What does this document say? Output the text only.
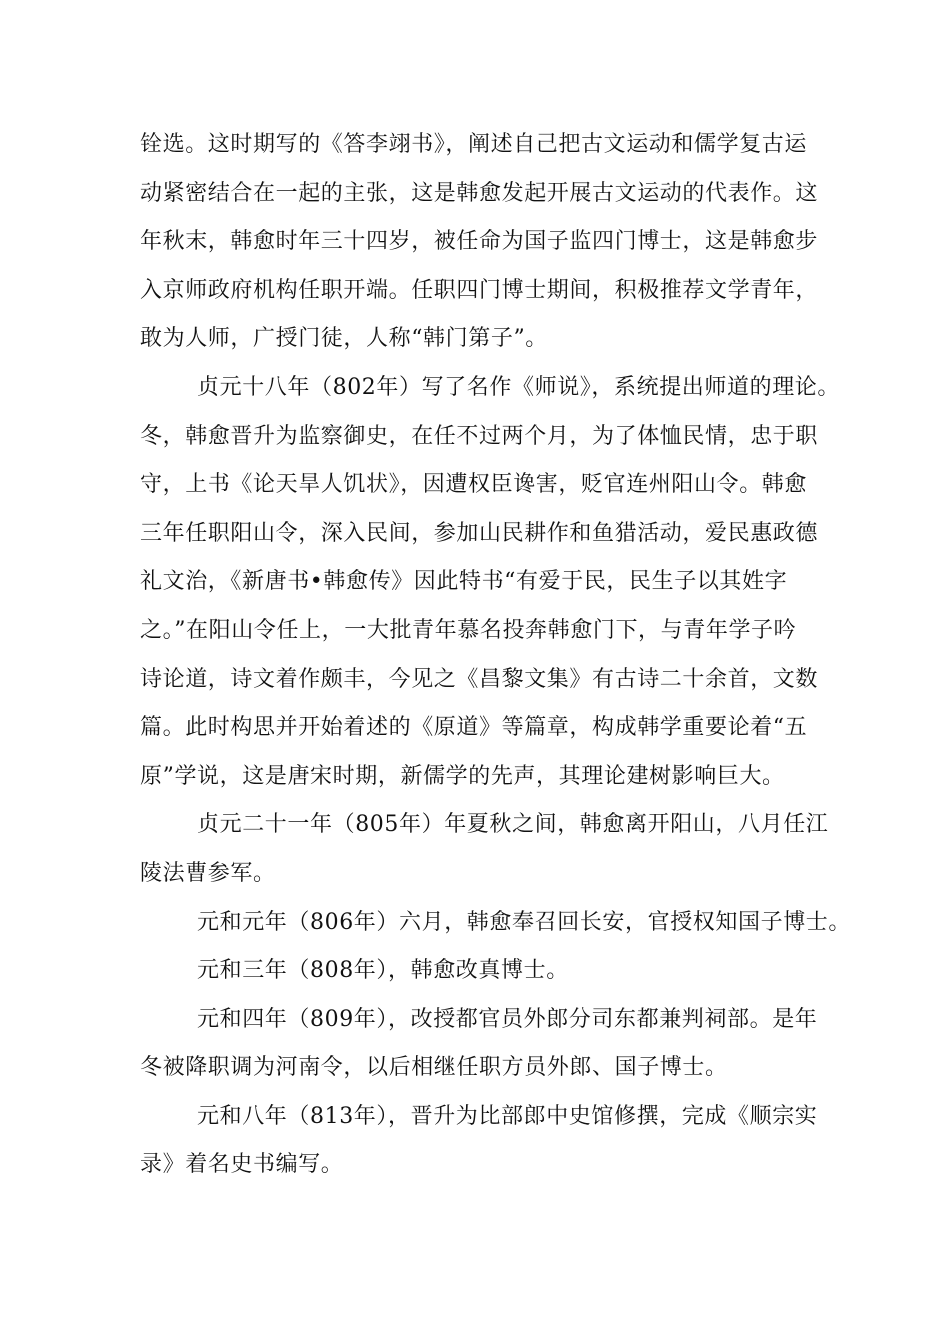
铨选。这时期写的《答李翊书》，阐述自己把古文运动和儒学复古运
动紧密结合在一起的主张，这是韩愈发起开展古文运动的代表作。这
年秋末，韩愈时年三十四岁，被任命为国子监四门博士，这是韩愈步
入京师政府机构任职开端。任职四门博士期间，积极推荐文学青年，
敢为人师，广授门徒，人称“韩门第子”。
贞元十八年（802年）写了名作《师说》，系统提出师道的理论。
冬，韩愈晋升为监察御史，在任不过两个月，为了体恤民情，忠于职
守，上书《论天旱人饥状》，因遭权臣谗害，贬官连州阳山令。韩愈
三年任职阳山令，深入民间，参加山民耕作和鱼猎活动，爱民惠政德
礼文治，《新唐书•韩愈传》因此特书“有爱于民，民生子以其姓字
之。”在阳山令任上，一大批青年慕名投奔韩愈门下，与青年学子吟
诗论道，诗文着作颇丰，今见之《昌黎文集》有古诗二十余首，文数
篇。此时构思并开始着述的《原道》等篇章，构成韩学重要论着“五
原”学说，这是唐宋时期，新儒学的先声，其理论建树影响巨大。
贞元二十一年（805年）年夏秋之间，韩愈离开阳山，八月任江
陵法曹参军。
元和元年（806年）六月，韩愈奉召回长安，官授权知国子博士。
元和三年（808年），韩愈改真博士。
元和四年（809年），改授都官员外郎分司东都兼判祠部。是年
冬被降职调为河南令，以后相继任职方员外郎、国子博士。
元和八年（813年），晋升为比部郎中史馆修撰，完成《顺宗实
录》着名史书编写。
